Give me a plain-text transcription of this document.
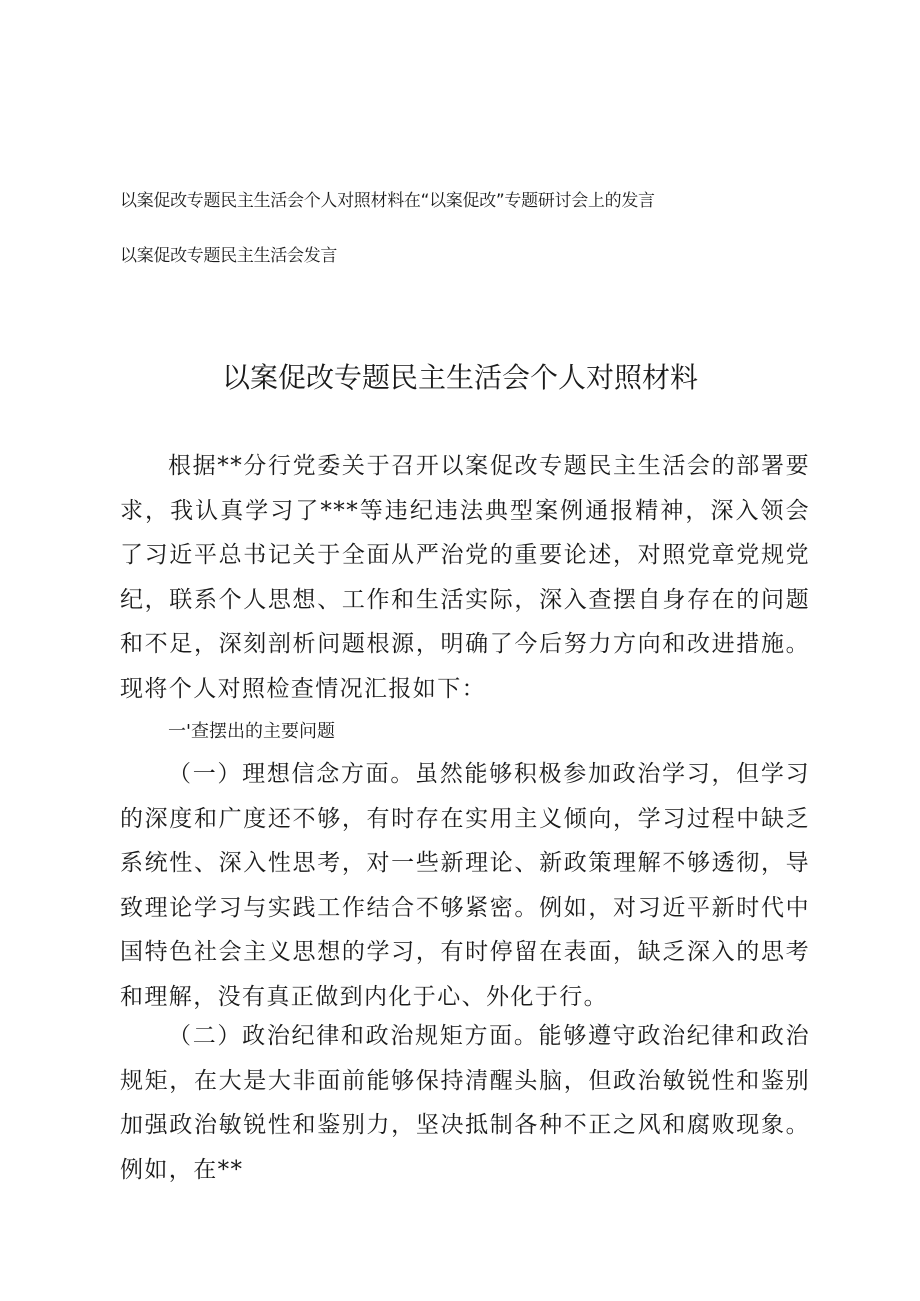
以案促改专题民主生活会个人对照材料在“以案促改”专题研讨会上的发言
以案促改专题民主生活会发言
以案促改专题民主生活会个人对照材料

根据**分行党委关于召开以案促改专题民主生活会的部署要求，我认真学习了***等违纪违法典型案例通报精神，深入领会了习近平总书记关于全面从严治党的重要论述，对照党章党规党纪，联系个人思想、工作和生活实际，深入查摆自身存在的问题和不足，深刻剖析问题根源，明确了今后努力方向和改进措施。现将个人对照检查情况汇报如下：

一'查摆出的主要问题

（一）理想信念方面。虽然能够积极参加政治学习，但学习的深度和广度还不够，有时存在实用主义倾向，学习过程中缺乏系统性、深入性思考，对一些新理论、新政策理解不够透彻，导致理论学习与实践工作结合不够紧密。例如，对习近平新时代中国特色社会主义思想的学习，有时停留在表面，缺乏深入的思考和理解，没有真正做到内化于心、外化于行。

（二）政治纪律和政治规矩方面。能够遵守政治纪律和政治规矩，在大是大非面前能够保持清醒头脑，但政治敏锐性和鉴别加强政治敏锐性和鉴别力，坚决抵制各种不正之风和腐败现象。例如，在**
